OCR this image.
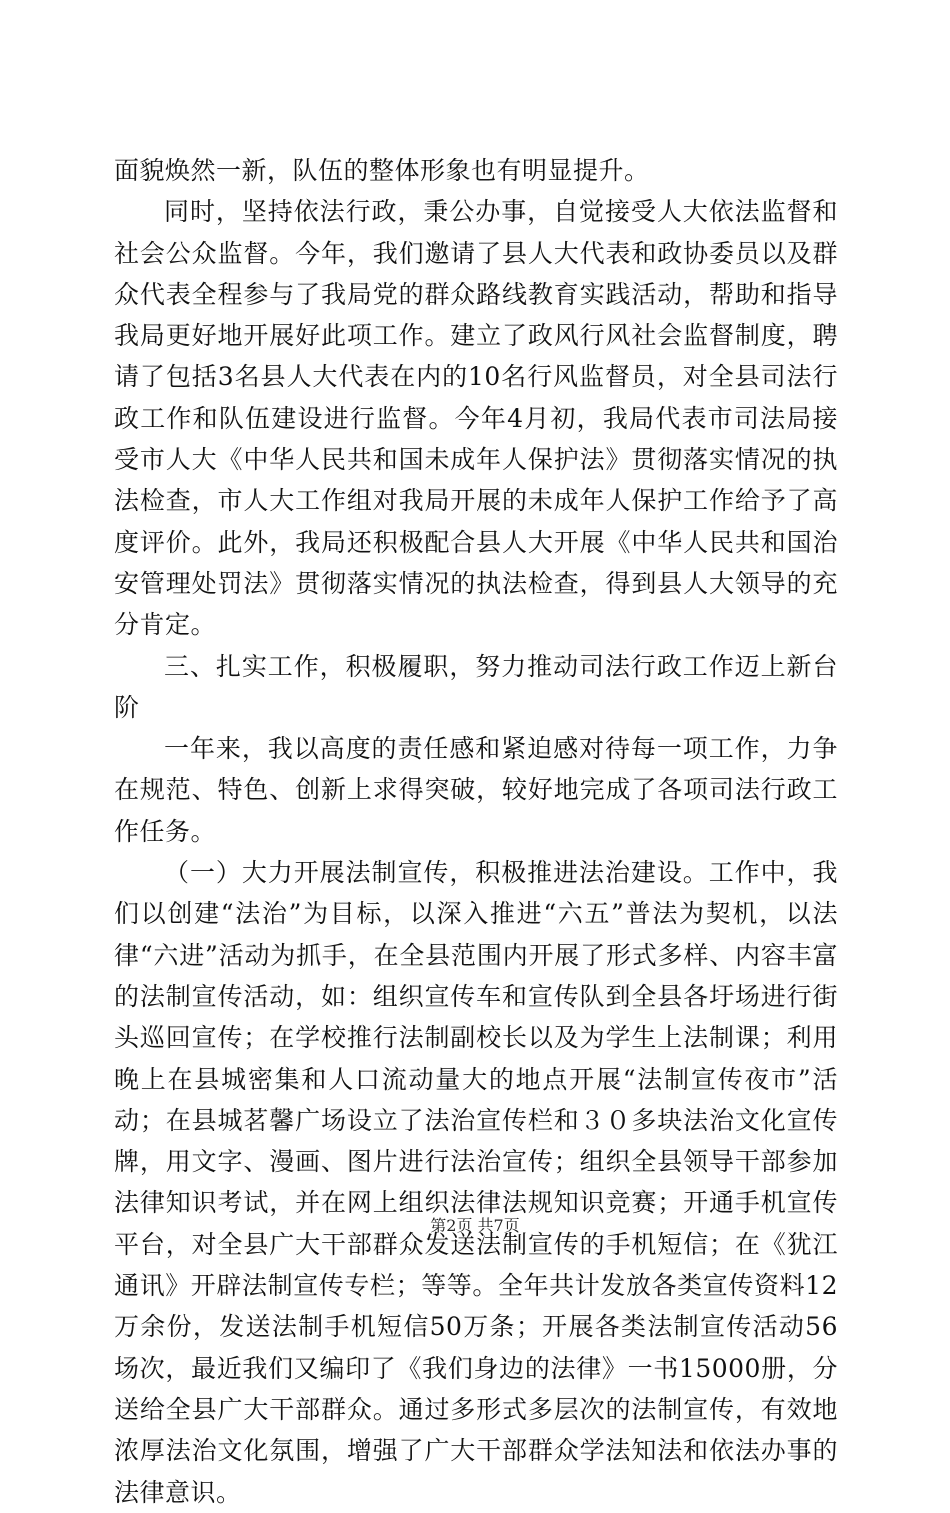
面貌焕然一新，队伍的整体形象也有明显提升。

同时，坚持依法行政，秉公办事，自觉接受人大依法监督和社会公众监督。今年，我们邀请了县人大代表和政协委员以及群众代表全程参与了我局党的群众路线教育实践活动，帮助和指导我局更好地开展好此项工作。建立了政风行风社会监督制度，聘请了包括3名县人大代表在内的10名行风监督员，对全县司法行政工作和队伍建设进行监督。今年4月初，我局代表市司法局接受市人大《中华人民共和国未成年人保护法》贯彻落实情况的执法检查，市人大工作组对我局开展的未成年人保护工作给予了高度评价。此外，我局还积极配合县人大开展《中华人民共和国治安管理处罚法》贯彻落实情况的执法检查，得到县人大领导的充分肯定。

三、扎实工作，积极履职，努力推动司法行政工作迈上新台阶

一年来，我以高度的责任感和紧迫感对待每一项工作，力争在规范、特色、创新上求得突破，较好地完成了各项司法行政工作任务。

（一）大力开展法制宣传，积极推进法治建设。工作中，我们以创建“法治”为目标，以深入推进“六五”普法为契机，以法律“六进”活动为抓手，在全县范围内开展了形式多样、内容丰富的法制宣传活动，如：组织宣传车和宣传队到全县各圩场进行街头巡回宣传；在学校推行法制副校长以及为学生上法制课；利用晚上在县城密集和人口流动量大的地点开展“法制宣传夜市”活动；在县城茗馨广场设立了法治宣传栏和３０多块法治文化宣传牌，用文字、漫画、图片进行法治宣传；组织全县领导干部参加法律知识考试，并在网上组织法律法规知识竞赛；开通手机宣传平台，对全县广大干部群众发送法制宣传的手机短信；在《犹江通讯》开辟法制宣传专栏；等等。全年共计发放各类宣传资料12万余份，发送法制手机短信50万条；开展各类法制宣传活动56场次，最近我们又编印了《我们身边的法律》一书15000册，分送给全县广大干部群众。通过多形式多层次的法制宣传，有效地浓厚法治文化氛围，增强了广大干部群众学法知法和依法办事的法律意识。

第2页 共7页
